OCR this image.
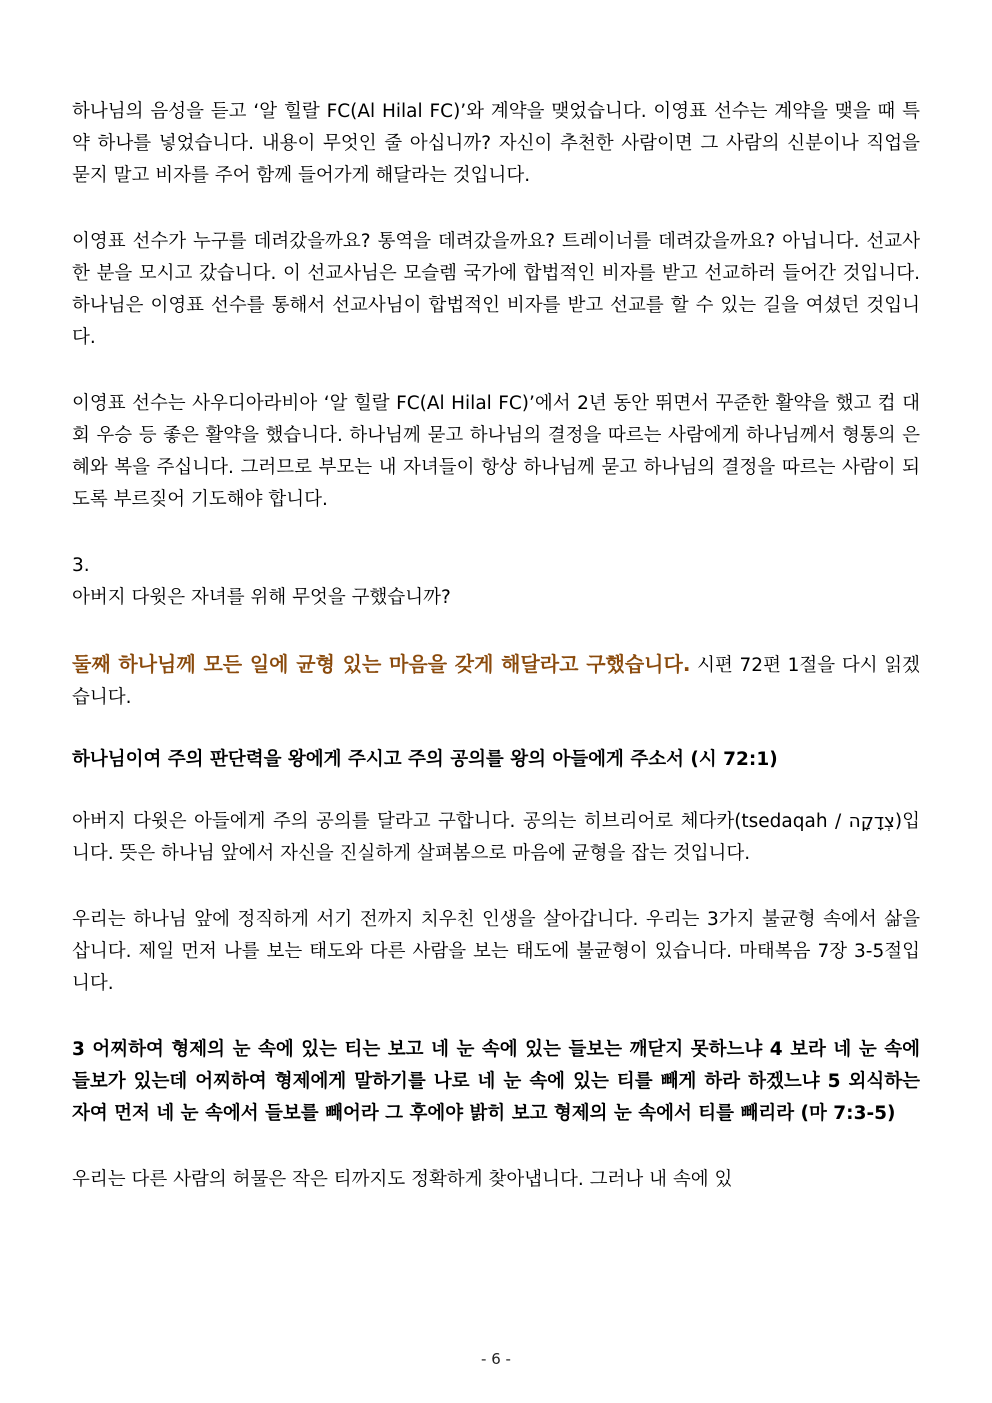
하나님의 음성을 듣고 ‘알 힐랄 FC(Al Hilal FC)’와 계약을 맺었습니다. 이영표 선수는 계약을 맺을 때 특약 하나를 넣었습니다. 내용이 무엇인 줄 아십니까? 자신이 추천한 사람이면 그 사람의 신분이나 직업을 묻지 말고 비자를 주어 함께 들어가게 해달라는 것입니다.

이영표 선수가 누구를 데려갔을까요? 통역을 데려갔을까요? 트레이너를 데려갔을까요? 아닙니다. 선교사 한 분을 모시고 갔습니다. 이 선교사님은 모슬렘 국가에 합법적인 비자를 받고 선교하러 들어간 것입니다. 하나님은 이영표 선수를 통해서 선교사님이 합법적인 비자를 받고 선교를 할 수 있는 길을 여셨던 것입니다.

이영표 선수는 사우디아라비아 ‘알 힐랄 FC(Al Hilal FC)’에서 2년 동안 뛰면서 꾸준한 활약을 했고 컵 대회 우승 등 좋은 활약을 했습니다. 하나님께 묻고 하나님의 결정을 따르는 사람에게 하나님께서 형통의 은혜와 복을 주십니다. 그러므로 부모는 내 자녀들이 항상 하나님께 묻고 하나님의 결정을 따르는 사람이 되도록 부르짖어 기도해야 합니다.

3.

아버지 다윗은 자녀를 위해 무엇을 구했습니까?

둘째 하나님께 모든 일에 균형 있는 마음을 갖게 해달라고 구했습니다. 시편 72편 1절을 다시 읽겠습니다.

하나님이여 주의 판단력을 왕에게 주시고 주의 공의를 왕의 아들에게 주소서 (시 72:1)

아버지 다윗은 아들에게 주의 공의를 달라고 구합니다. 공의는 히브리어로 체다카(tsedaqah / צְדָקָה)입니다. 뜻은 하나님 앞에서 자신을 진실하게 살펴봄으로 마음에 균형을 잡는 것입니다.

우리는 하나님 앞에 정직하게 서기 전까지 치우친 인생을 살아갑니다. 우리는 3가지 불균형 속에서 삶을 삽니다. 제일 먼저 나를 보는 태도와 다른 사람을 보는 태도에 불균형이 있습니다. 마태복음 7장 3-5절입니다.

3 어찌하여 형제의 눈 속에 있는 티는 보고 네 눈 속에 있는 들보는 깨닫지 못하느냐 4 보라 네 눈 속에 들보가 있는데 어찌하여 형제에게 말하기를 나로 네 눈 속에 있는 티를 빼게 하라 하겠느냐 5 외식하는 자여 먼저 네 눈 속에서 들보를 빼어라 그 후에야 밝히 보고 형제의 눈 속에서 티를 빼리라 (마 7:3-5)

우리는 다른 사람의 허물은 작은 티까지도 정확하게 찾아냅니다. 그러나 내 속에 있

- 6 -
